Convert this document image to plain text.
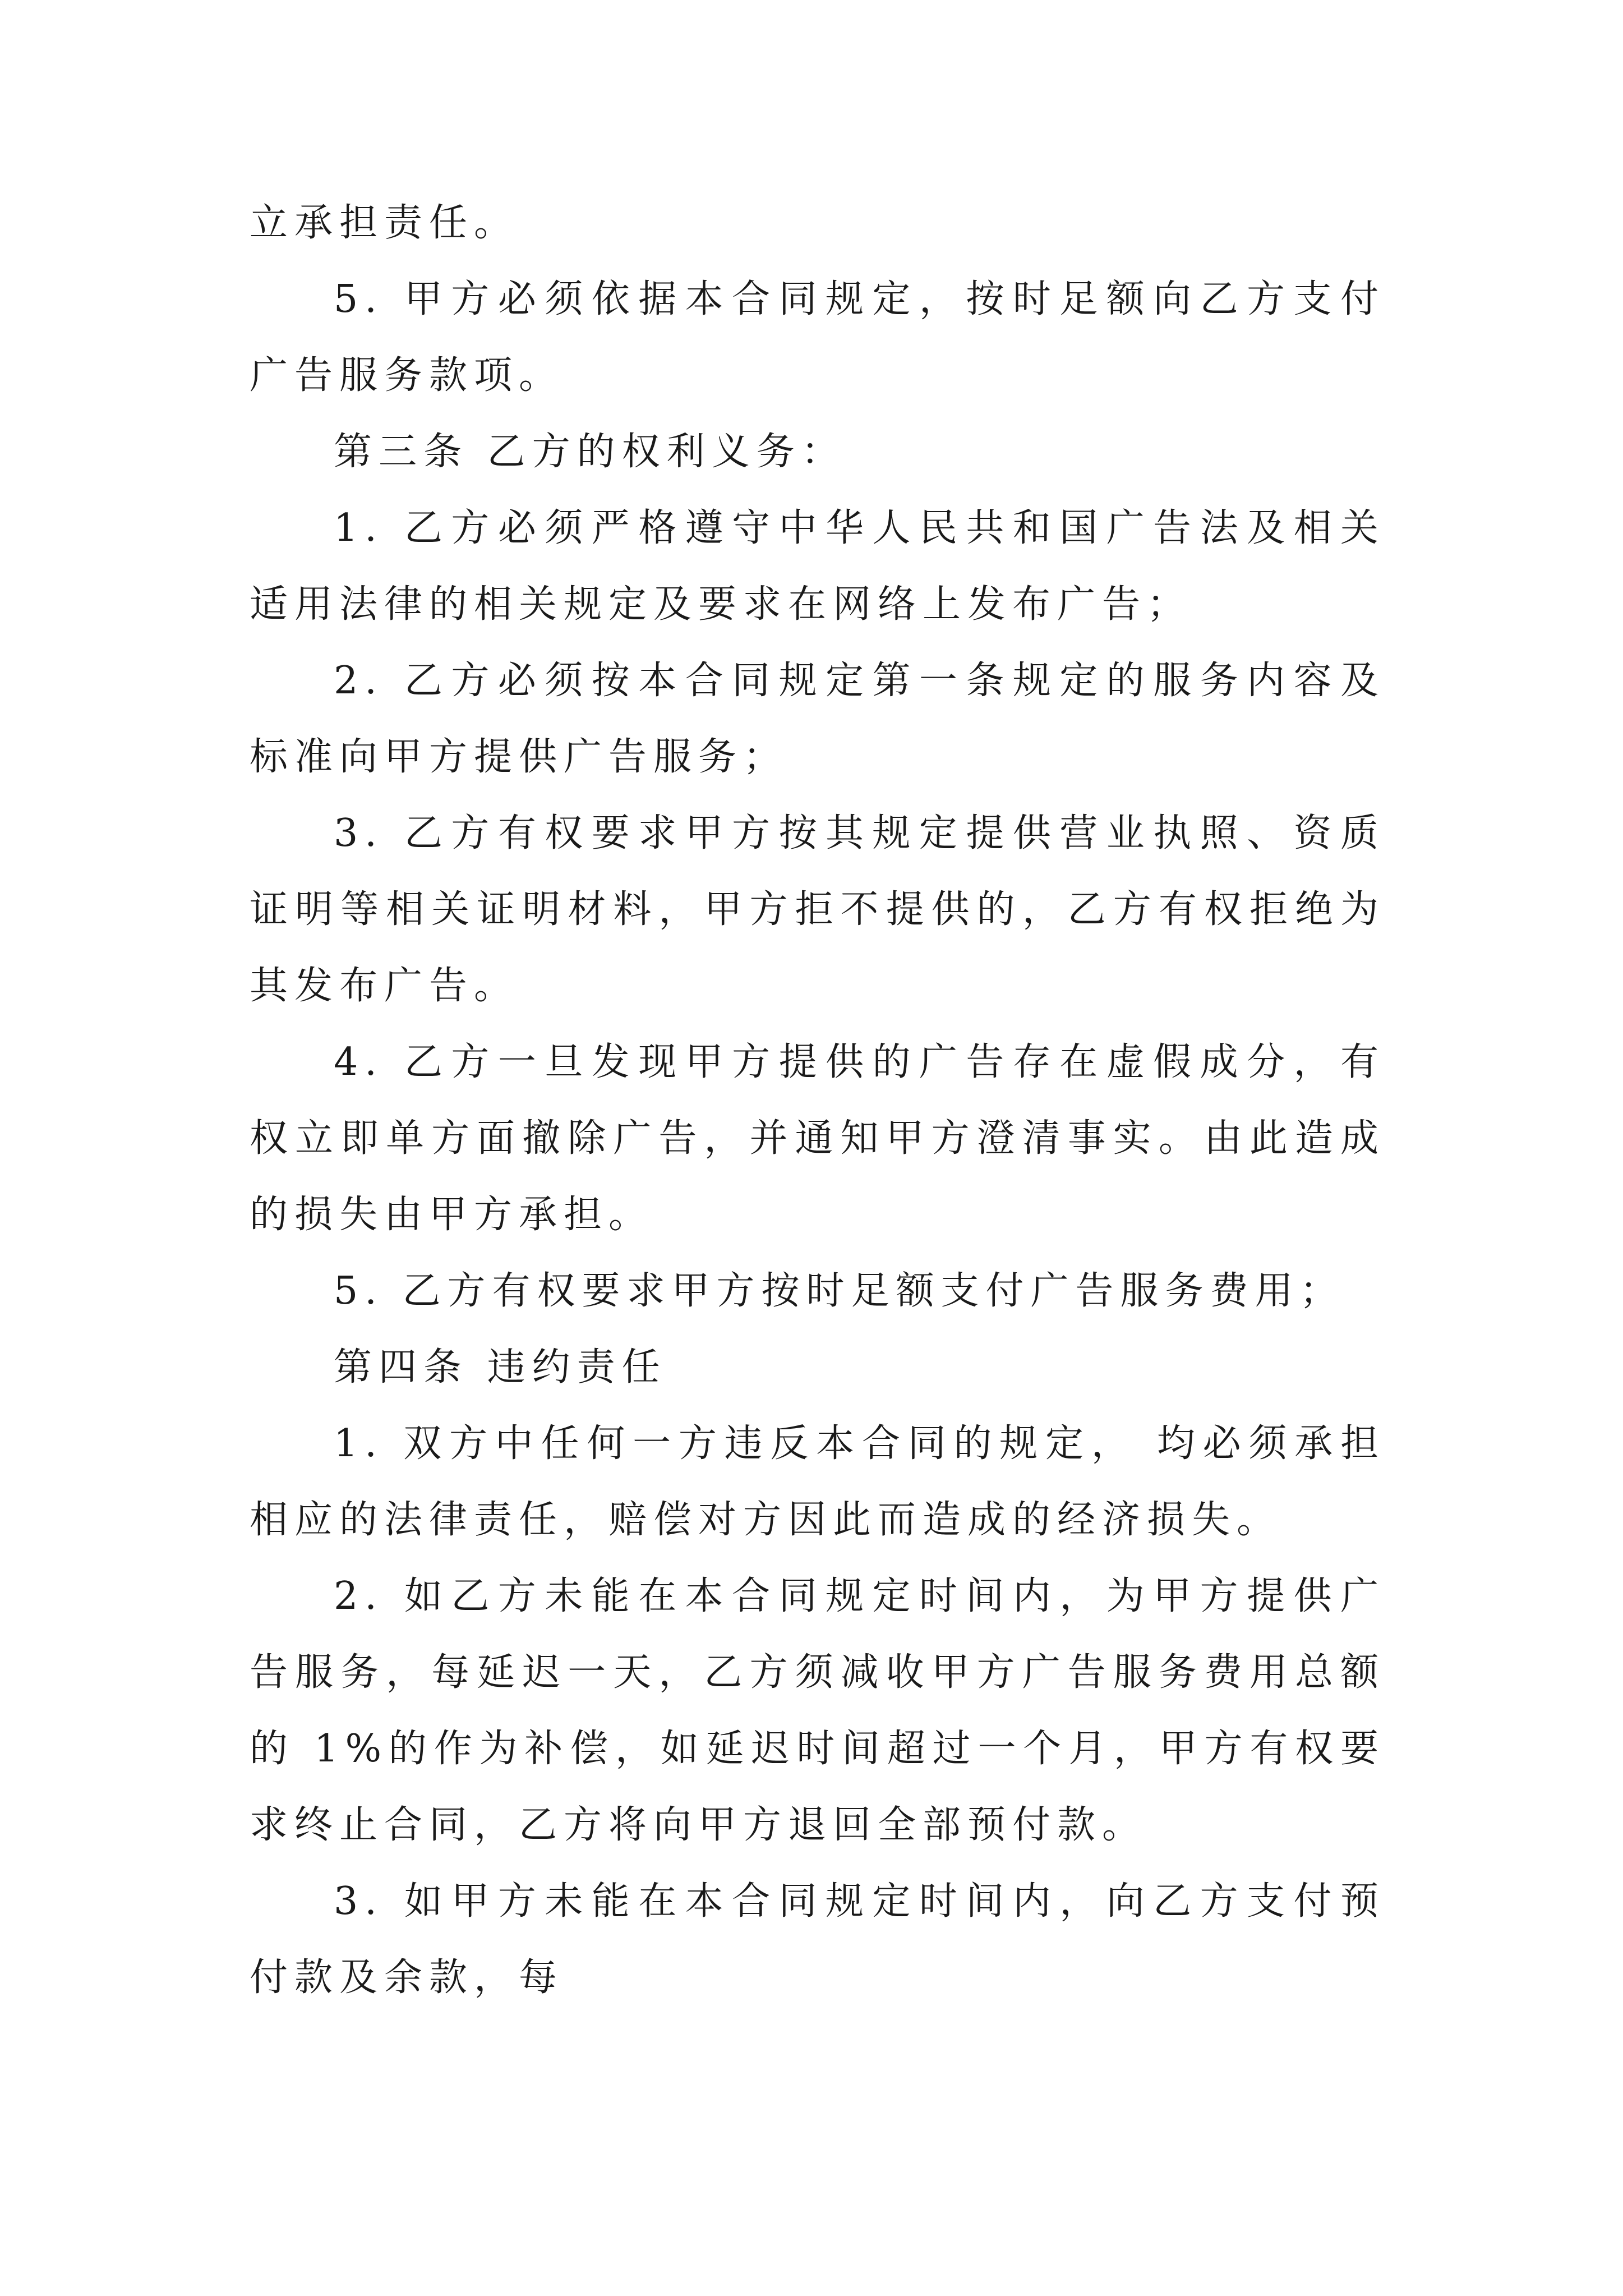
立承担责任。

5. 甲方必须依据本合同规定，按时足额向乙方支付广告服务款项。

第三条 乙方的权利义务：

1. 乙方必须严格遵守中华人民共和国广告法及相关适用法律的相关规定及要求在网络上发布广告；

2. 乙方必须按本合同规定第一条规定的服务内容及标准向甲方提供广告服务；

3. 乙方有权要求甲方按其规定提供营业执照、资质证明等相关证明材料，甲方拒不提供的，乙方有权拒绝为其发布广告。

4. 乙方一旦发现甲方提供的广告存在虚假成分，有权立即单方面撤除广告，并通知甲方澄清事实。由此造成的损失由甲方承担。

5. 乙方有权要求甲方按时足额支付广告服务费用；

第四条 违约责任

1. 双方中任何一方违反本合同的规定， 均必须承担相应的法律责任，赔偿对方因此而造成的经济损失。

2. 如乙方未能在本合同规定时间内，为甲方提供广告服务，每延迟一天，乙方须减收甲方广告服务费用总额的 1%的作为补偿，如延迟时间超过一个月，甲方有权要求终止合同，乙方将向甲方退回全部预付款。

3. 如甲方未能在本合同规定时间内，向乙方支付预付款及余款，每
